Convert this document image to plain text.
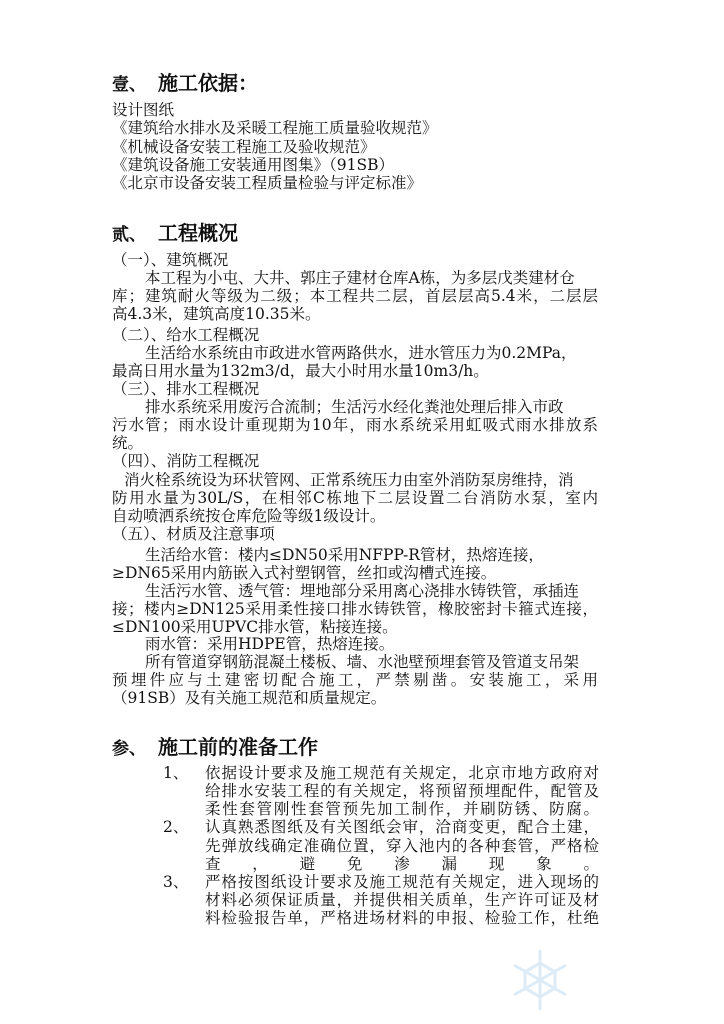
壹、 施工依据：
设计图纸
《建筑给水排水及采暖工程施工质量验收规范》
《机械设备安装工程施工及验收规范》
《建筑设备施工安装通用图集》（91SB）
《北京市设备安装工程质量检验与评定标准》
贰、 工程概况
（一）、建筑概况
本工程为小屯、大井、郭庄子建材仓库A栋，为多层戊类建材仓
库；建筑耐火等级为二级；本工程共二层，首层层高5.4米，二层层
高4.3米，建筑高度10.35米。
（二）、给水工程概况
生活给水系统由市政进水管两路供水，进水管压力为0.2MPa，
最高日用水量为132m3/d，最大小时用水量10m3/h。
（三）、排水工程概况
排水系统采用废污合流制；生活污水经化粪池处理后排入市政
污水管；雨水设计重现期为10年，雨水系统采用虹吸式雨水排放系
统。
（四）、消防工程概况
消火栓系统设为环状管网、正常系统压力由室外消防泵房维持，消
防用水量为30L/S，在相邻C栋地下二层设置二台消防水泵，室内
自动喷洒系统按仓库危险等级1级设计。
（五）、材质及注意事项
生活给水管：楼内≤DN50采用NFPP-R管材，热熔连接，
≥DN65采用内筋嵌入式衬塑钢管，丝扣或沟槽式连接。
生活污水管、透气管：埋地部分采用离心浇排水铸铁管，承插连
接；楼内≥DN125采用柔性接口排水铸铁管，橡胶密封卡箍式连接，
≤DN100采用UPVC排水管，粘接连接。
雨水管：采用HDPE管，热熔连接。
所有管道穿钢筋混凝土楼板、墙、水池壁预埋套管及管道支吊架
预埋件应与土建密切配合施工，严禁剔凿。安装施工，采用
（91SB）及有关施工规范和质量规定。
参、 施工前的准备工作
1、 依据设计要求及施工规范有关规定，北京市地方政府对
给排水安装工程的有关规定，将预留预埋配件，配管及
柔性套管刚性套管预先加工制作，并刷防锈、防腐。
2、 认真熟悉图纸及有关图纸会审，洽商变更，配合土建，
先弹放线确定准确位置，穿入池内的各种套管，严格检
查，避免渗漏现象。
3、 严格按图纸设计要求及施工规范有关规定，进入现场的
材料必须保证质量，并提供相关质单，生产许可证及材
料检验报告单，严格进场材料的申报、检验工作，杜绝
